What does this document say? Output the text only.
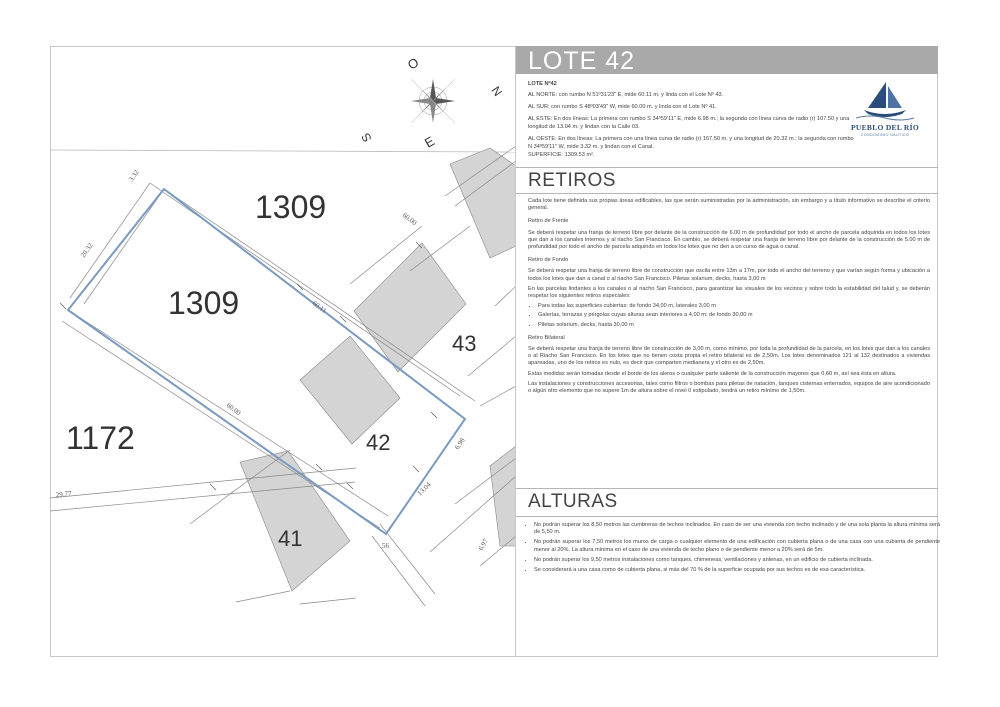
O
N
S	E
1309
1309
1172
43
42
41
3.32
20.32
60.11
60.00
6.98
13.04
60.00
29.77
6.97
56
LOTE 42

LOTE Nº42

AL NORTE: con rumbo N 51º31'23" E, mide 60.11 m. y linda con el Lote Nº 43.

AL SUR: con rumbo S 48º03'49" W, mide 60.00 m. y linda con el Lote Nº 41.

AL ESTE: En dos líneas: La primera con rumbo S 34º59'11" E, mide 6.98 m.; la segunda con línea curva de radio (r) 107.50 y una longitud de 13.04 m. y lindan con la Calle 03.

AL OESTE: En dos líneas: La primera con una línea curva de radio (r) 167.50 m. y una longitud de 20.32 m.; la segunda con rumbo N 34º59'11" W, mide 3.32 m. y lindan con el Canal.

SUPERFICIE: 1309.53 m².

PUEBLO DEL RÍO
CONDOMINIO NÁUTICO
RETIROS

Cada lote tiene definida sus propias áreas edificables, las que serán suministradas por la administración, sin embargo y a título informativo se describe el criterio general.

Retiro de Frente

Se deberá respetar una franja de terreno libre por delante de la construcción de 6.00 m de profundidad por todo el ancho de parcela adquirida en todos los lotes que dan a los canales internos y al riacho San Francisco. En cambio, se deberá respetar una franja de terreno libre por delante de la construcción de 5.00 m de profundidad por todo el ancho de parcela adquirido en todos los lotes que no den a un curso de agua o canal.

Retiro de Fondo

Se deberá respetar una franja de terreno libre de construcción que oscila entre 13m a 17m, por todo el ancho del terreno y que varían según forma y ubicación a todos los lotes que dan a canal o al riacho San Francisco. Piletas solarium, decks, hasta 3,00 m

En las parcelas lindantes a los canales o al riacho San Francisco, para garantizar las visuales de los vecinos y sobre todo la estabilidad del talud y, se deberán respetar los siguientes retiros especiales:

• Para todas las superficies cubiertas: de fondo 34,00 m, laterales 3,00 m
• Galerías, terrazas y pérgolas cuyas alturas sean interiores a 4,00 m: de fondo 30,00 m
• Piletas solarium, decks, hasta 30,00 m

Retiro Bilateral

Se deberá respetar una franja de terreno libre de construcción de 3,00 m, como mínimo, por toda la profundidad de la parcela, en los lotes que dan a los canales o al Riacho San Francisco. En los lotes que no tienen costa propia el retiro bilateral es de 2,50m. Los lotes denominados 121 al 132 destinados a viviendas apareadas, uno de los retiros es nulo, es decir que comparten medianera y el otro es de 2,50m.

Estas medidas serán tomadas desde el borde de los aleros o cualquier parte saliente de la construcción mayores que 0,60 m, así sea ésta en altura.

Las instalaciones y construcciones accesorias, tales como filtros o bombas para piletas de natación, tanques cisternas enterrados, equipos de aire acondicionado o algún otro elemento que no supere 1m de altura sobre el nivel 0 estipulado, tendrá un retiro mínimo de 1,50m.

ALTURAS
• No podrán superar los 8,50 metros las cumbreras de techos inclinados. En caso de ser una vivienda con techo inclinado y de una sola planta la altura mínima será de 5,50 m.
• No podrán superar los 7,50 metros los muros de carga o cualquier elemento de una edificación con cubierta plana o de una casa con una cubierta de pendiente menor al 20%. La altura mínima en el caso de una vivienda de techo plano o de pendiente menor a 20% será de 5m.
• No podrán superar los 9,50 metros instalaciones como tanques, chimeneas, ventilaciones y antenas, en un edificio de cubierta inclinada.
• Se considerará a una casa como de cubierta plana, si más del 70 % de la superficie ocupada por sus techos es de esa característica.
